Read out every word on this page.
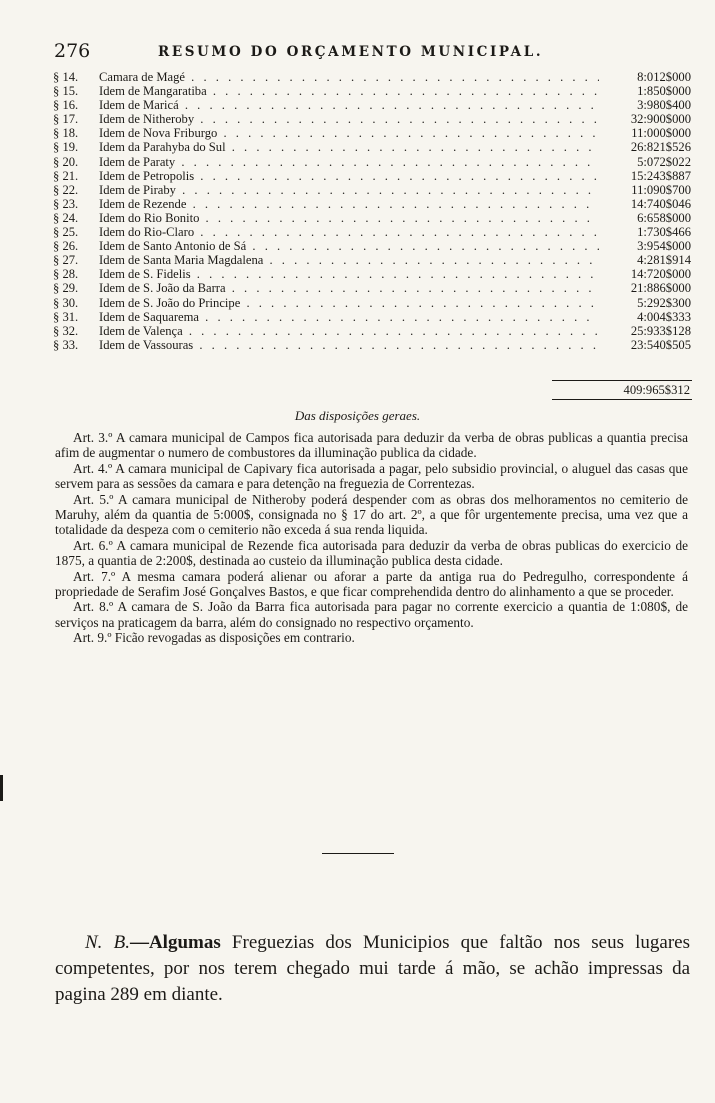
276	RESUMO DO ORÇAMENTO MUNICIPAL.
§ 14.	Camara de Magé . . .	8:012$000
§ 15.	Idem de Mangaratiba . . .	1:850$000
§ 16.	Idem de Maricá . . .	3:980$400
§ 17.	Idem de Nitheroby . . .	32:900$000
§ 18.	Idem de Nova Friburgo . . .	11:000$000
§ 19.	Idem da Parahyba do Sul . . .	26:821$526
§ 20.	Idem de Paraty . . .	5:072$022
§ 21.	Idem de Petropolis . . .	15:243$887
§ 22.	Idem de Piraby . . .	11:090$700
§ 23.	Idem de Rezende . . .	14:740$046
§ 24.	Idem do Rio Bonito . . .	6:658$000
§ 25.	Idem do Rio-Claro . . .	1:730$466
§ 26.	Idem de Santo Antonio de Sá . . .	3:954$000
§ 27.	Idem de Santa Maria Magdalena . . .	4:281$914
§ 28.	Idem de S. Fidelis . . .	14:720$000
§ 29.	Idem de S. João da Barra . . .	21:886$000
§ 30.	Idem de S. João do Principe . . .	5:292$300
§ 31.	Idem de Saquarema . . .	4:004$333
§ 32.	Idem de Valença . . .	25:933$128
§ 33.	Idem de Vassouras . . .	23:540$505
409:965$312
Das disposições geraes.

Art. 3.º A camara municipal de Campos fica autorisada para deduzir da verba de obras publicas a quantia precisa afim de augmentar o numero de combustores da illuminação publica da cidade.

Art. 4.º A camara municipal de Capivary fica autorisada a pagar, pelo subsidio provincial, o aluguel das casas que servem para as sessões da camara e para detenção na freguezia de Correntezas.

Art. 5.º A camara municipal de Nitheroby poderá despender com as obras dos melhoramentos no cemiterio de Maruhy, além da quantia de 5:000$, consignada no § 17 do art. 2º, a que fôr urgentemente precisa, uma vez que a totalidade da despeza com o cemiterio não exceda á sua renda liquida.

Art. 6.º A camara municipal de Rezende fica autorisada para deduzir da verba de obras publicas do exercicio de 1875, a quantia de 2:200$, destinada ao custeio da illuminação publica desta cidade.

Art. 7.º A mesma camara poderá alienar ou aforar a parte da antiga rua do Pedregulho, correspondente á propriedade de Serafim José Gonçalves Bastos, e que ficar comprehendida dentro do alinhamento a que se proceder.

Art. 8.º A camara de S. João da Barra fica autorisada para pagar no corrente exercicio a quantia de 1:080$, de serviços na praticagem da barra, além do consignado no respectivo orçamento.

Art. 9.º Ficão revogadas as disposições em contrario.

N. B.—Algumas Freguezias dos Municipios que faltão nos seus lugares competentes, por nos terem chegado mui tarde á mão, se achão impressas da pagina 289 em diante.
